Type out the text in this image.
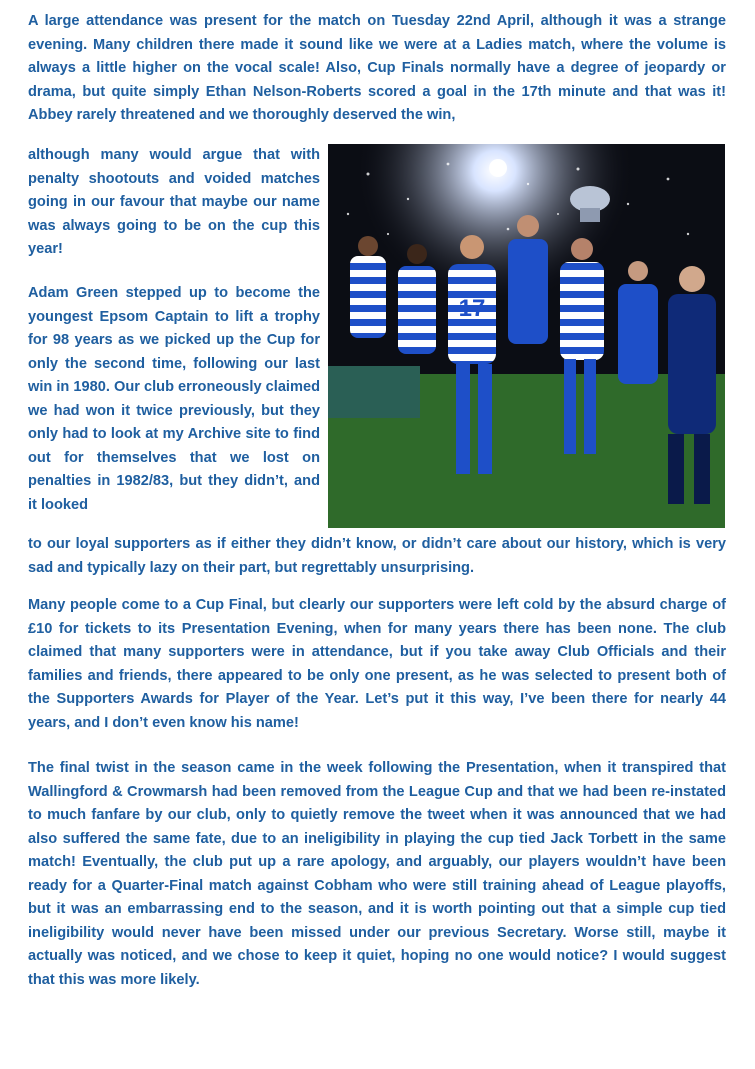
A large attendance was present for the match on Tuesday 22nd April, although it was a strange evening. Many children there made it sound like we were at a Ladies match, where the volume is always a little higher on the vocal scale! Also, Cup Finals normally have a degree of jeopardy or drama, but quite simply Ethan Nelson-Roberts scored a goal in the 17th minute and that was it! Abbey rarely threatened and we thoroughly deserved the win,

although many would argue that with penalty shootouts and voided matches going in our favour that maybe our name was always going to be on the cup this year!

Adam Green stepped up to become the youngest Epsom Captain to lift a trophy for 98 years as we picked up the Cup for only the second time, following our last win in 1980. Our club erroneously claimed we had won it twice previously, but they only had to look at my Archive site to find out for themselves that we lost on penalties in 1982/83, but they didn’t, and it looked

to our loyal supporters as if either they didn’t know, or didn’t care about our history, which is very sad and typically lazy on their part, but regrettably unsurprising.

Many people come to a Cup Final, but clearly our supporters were left cold by the absurd charge of £10 for tickets to its Presentation Evening, when for many years there has been none. The club claimed that many supporters were in attendance, but if you take away Club Officials and their families and friends, there appeared to be only one present, as he was selected to present both of the Supporters Awards for Player of the Year. Let’s put it this way, I’ve been there for nearly 44 years, and I don’t even know his name!

The final twist in the season came in the week following the Presentation, when it transpired that Wallingford & Crowmarsh had been removed from the League Cup and that we had been re-instated to much fanfare by our club, only to quietly remove the tweet when it was announced that we had also suffered the same fate, due to an ineligibility in playing the cup tied Jack Torbett in the same match! Eventually, the club put up a rare apology, and arguably, our players wouldn’t have been ready for a Quarter-Final match against Cobham who were still training ahead of League playoffs, but it was an embarrassing end to the season, and it is worth pointing out that a simple cup tied ineligibility would never have been missed under our previous Secretary. Worse still, maybe it actually was noticed, and we chose to keep it quiet, hoping no one would notice? I would suggest that this was more likely.

17
